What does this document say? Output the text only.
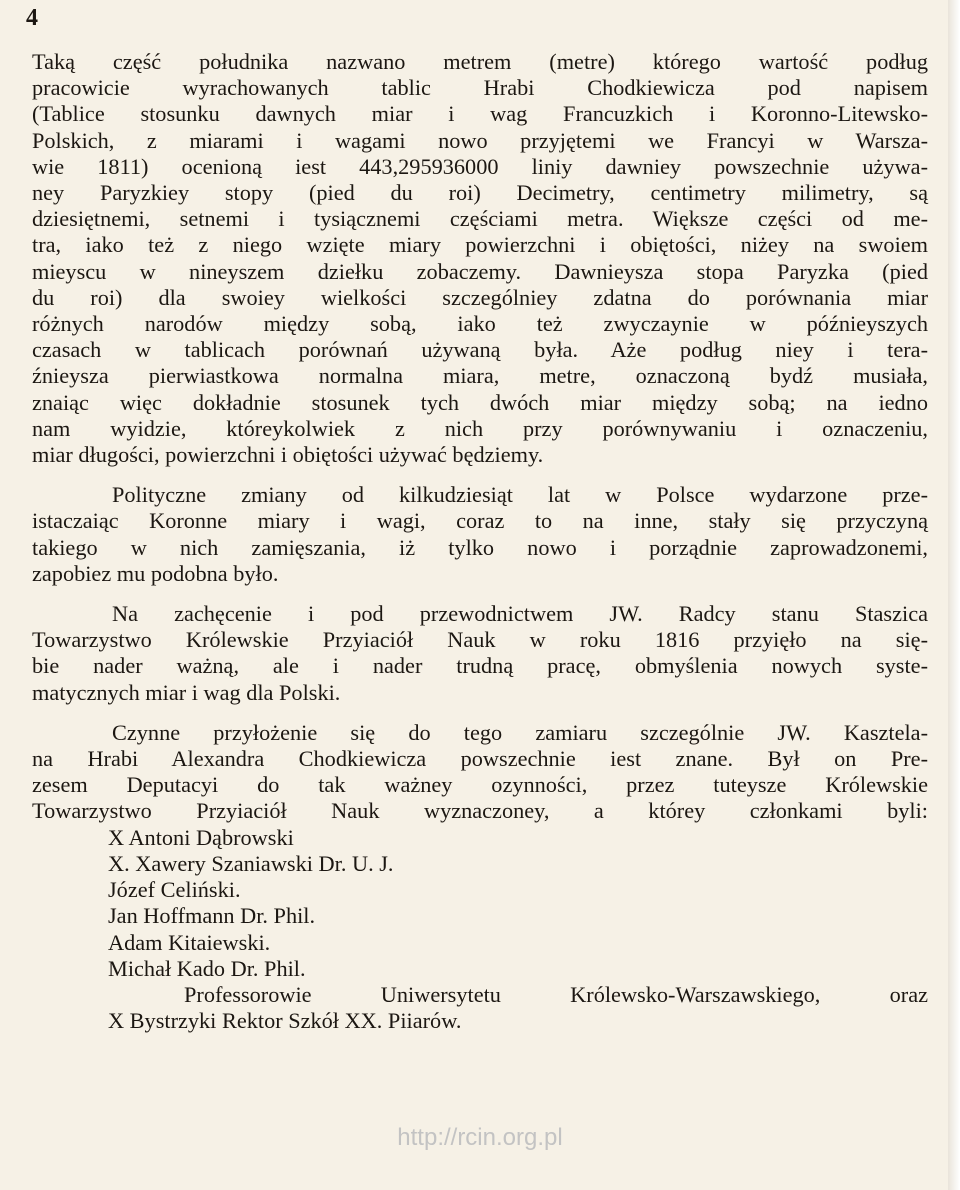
4
Taką część południka nazwano metrem (metre) którego wartość podług
pracowicie wyrachowanych tablic Hrabi Chodkiewicza pod napisem
(Tablice stosunku dawnych miar i wag Francuzkich i Koronno-Litewsko-
Polskich, z miarami i wagami nowo przyjętemi we Francyi w Warsza-
wie 1811) ocenioną iest 443,295936000 liniy dawniey powszechnie używa-
ney Paryzkiey stopy (pied du roi) Decimetry, centimetry milimetry, są
dziesiętnemi, setnemi i tysiącznemi częściami metra. Większe części od me-
tra, iako też z niego wzięte miary powierzchni i obiętości, niżey na swoiem
mieyscu w nineyszem dziełku zobaczemy. Dawnieysza stopa Paryzka (pied
du roi) dla swoiey wielkości szczególniey zdatna do porównania miar
różnych narodów między sobą, iako też zwyczaynie w późnieyszych
czasach w tablicach porównań używaną była. Aże podług niey i tera-
źnieysza pierwiastkowa normalna miara, metre, oznaczoną bydź musiała,
znaiąc więc dokładnie stosunek tych dwóch miar między sobą; na iedno
nam wyidzie, któreykolwiek z nich przy porównywaniu i oznaczeniu,
miar długości, powierzchni i obiętości używać będziemy.
Polityczne zmiany od kilkudziesiąt lat w Polsce wydarzone prze-
istaczaiąc Koronne miary i wagi, coraz to na inne, stały się przyczyną
takiego w nich zamięszania, iż tylko nowo i porządnie zaprowadzonemi,
zapobiez mu podobna było.
Na zachęcenie i pod przewodnictwem JW. Radcy stanu Staszica
Towarzystwo Królewskie Przyiaciół Nauk w roku 1816 przyięło na się-
bie nader ważną, ale i nader trudną pracę, obmyślenia nowych syste-
matycznych miar i wag dla Polski.
Czynne przyłożenie się do tego zamiaru szczególnie JW. Kasztela-
na Hrabi Alexandra Chodkiewicza powszechnie iest znane. Był on Pre-
zesem Deputacyi do tak ważney ozynności, przez tuteysze Królewskie
Towarzystwo Przyiaciół Nauk wyznaczoney, a którey członkami byli:
X Antoni Dąbrowski
X. Xawery Szaniawski Dr. U. J.
Józef Celiński.
Jan Hoffmann Dr. Phil.
Adam Kitaiewski.
Michał Kado Dr. Phil.
Professorowie Uniwersytetu Królewsko-Warszawskiego, oraz
X Bystrzyki Rektor Szkół XX. Piiarów.
http://rcin.org.pl
